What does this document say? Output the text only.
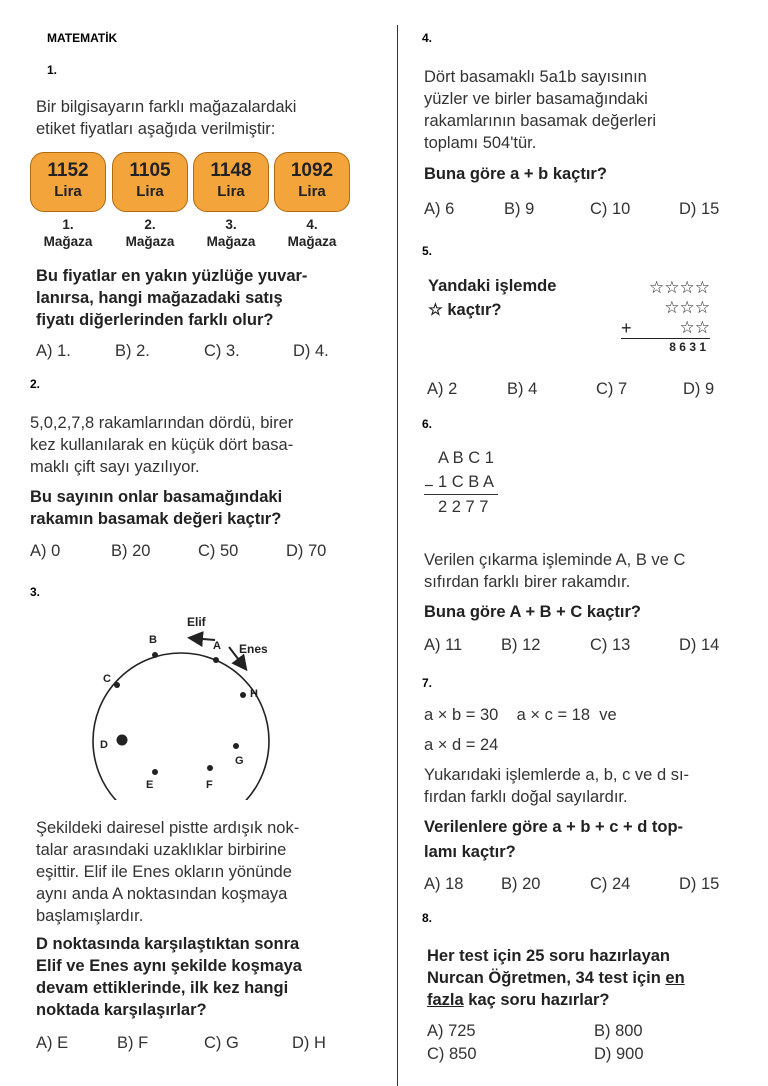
MATEMATİK
1.
Bir bilgisayarın farklı mağazalardaki
etiket fiyatları aşağıda verilmiştir:
1152
Lira
1105
Lira
1148
Lira
1092
Lira
1.
Mağaza
2.
Mağaza
3.
Mağaza
4.
Mağaza
Bu fiyatlar en yakın yüzlüğe yuvar-
lanırsa, hangi mağazadaki satış
fiyatı diğerlerinden farklı olur?
A) 1.	B) 2.	C) 3.	D) 4.
2.
5,0,2,7,8 rakamlarından dördü, birer
kez kullanılarak en küçük dört basa-
maklı çift sayı yazılıyor.
Bu sayının onlar basamağındaki
rakamın basamak değeri kaçtır?
A) 0	B) 20	C) 50	D) 70
3.
Elif
Enes
A
B
C
D
E	F
G
H
Şekildeki dairesel pistte ardışık nok-
talar arasındaki uzaklıklar birbirine
eşittir. Elif ile Enes okların yönünde
aynı anda A noktasından koşmaya
başlamışlardır.
D noktasında karşılaştıktan sonra
Elif ve Enes aynı şekilde koşmaya
devam ettiklerinde, ilk kez hangi
noktada karşılaşırlar?
A) E	B) F	C) G	D) H
4.
Dört basamaklı 5a1b sayısının
yüzler ve birler basamağındaki
rakamlarının basamak değerleri
toplamı 504'tür.
Buna göre a + b kaçtır?
A) 6	B) 9	C) 10	D) 15
5.
Yandaki işlemde
☆ kaçtır?
☆☆☆☆
☆☆☆
+	☆☆
8 6 3 1
A) 2	B) 4	C) 7	D) 9
6.
A B C 1
− 1 C B A
2 2 7 7
Verilen çıkarma işleminde A, B ve C
sıfırdan farklı birer rakamdır.
Buna göre A + B + C kaçtır?
A) 11 B) 12	C) 13	D) 14
7.
a × b = 30    a × c = 18  ve
a × d = 24
Yukarıdaki işlemlerde a, b, c ve d sı-
fırdan farklı doğal sayılardır.
Verilenlere göre a + b + c + d top-
lamı kaçtır?
A) 18 B) 20	C) 24	D) 15
8.
Her test için 25 soru hazırlayan
Nurcan Öğretmen, 34 test için en
fazla kaç soru hazırlar?
A) 725	B) 800
C) 850	D) 900
